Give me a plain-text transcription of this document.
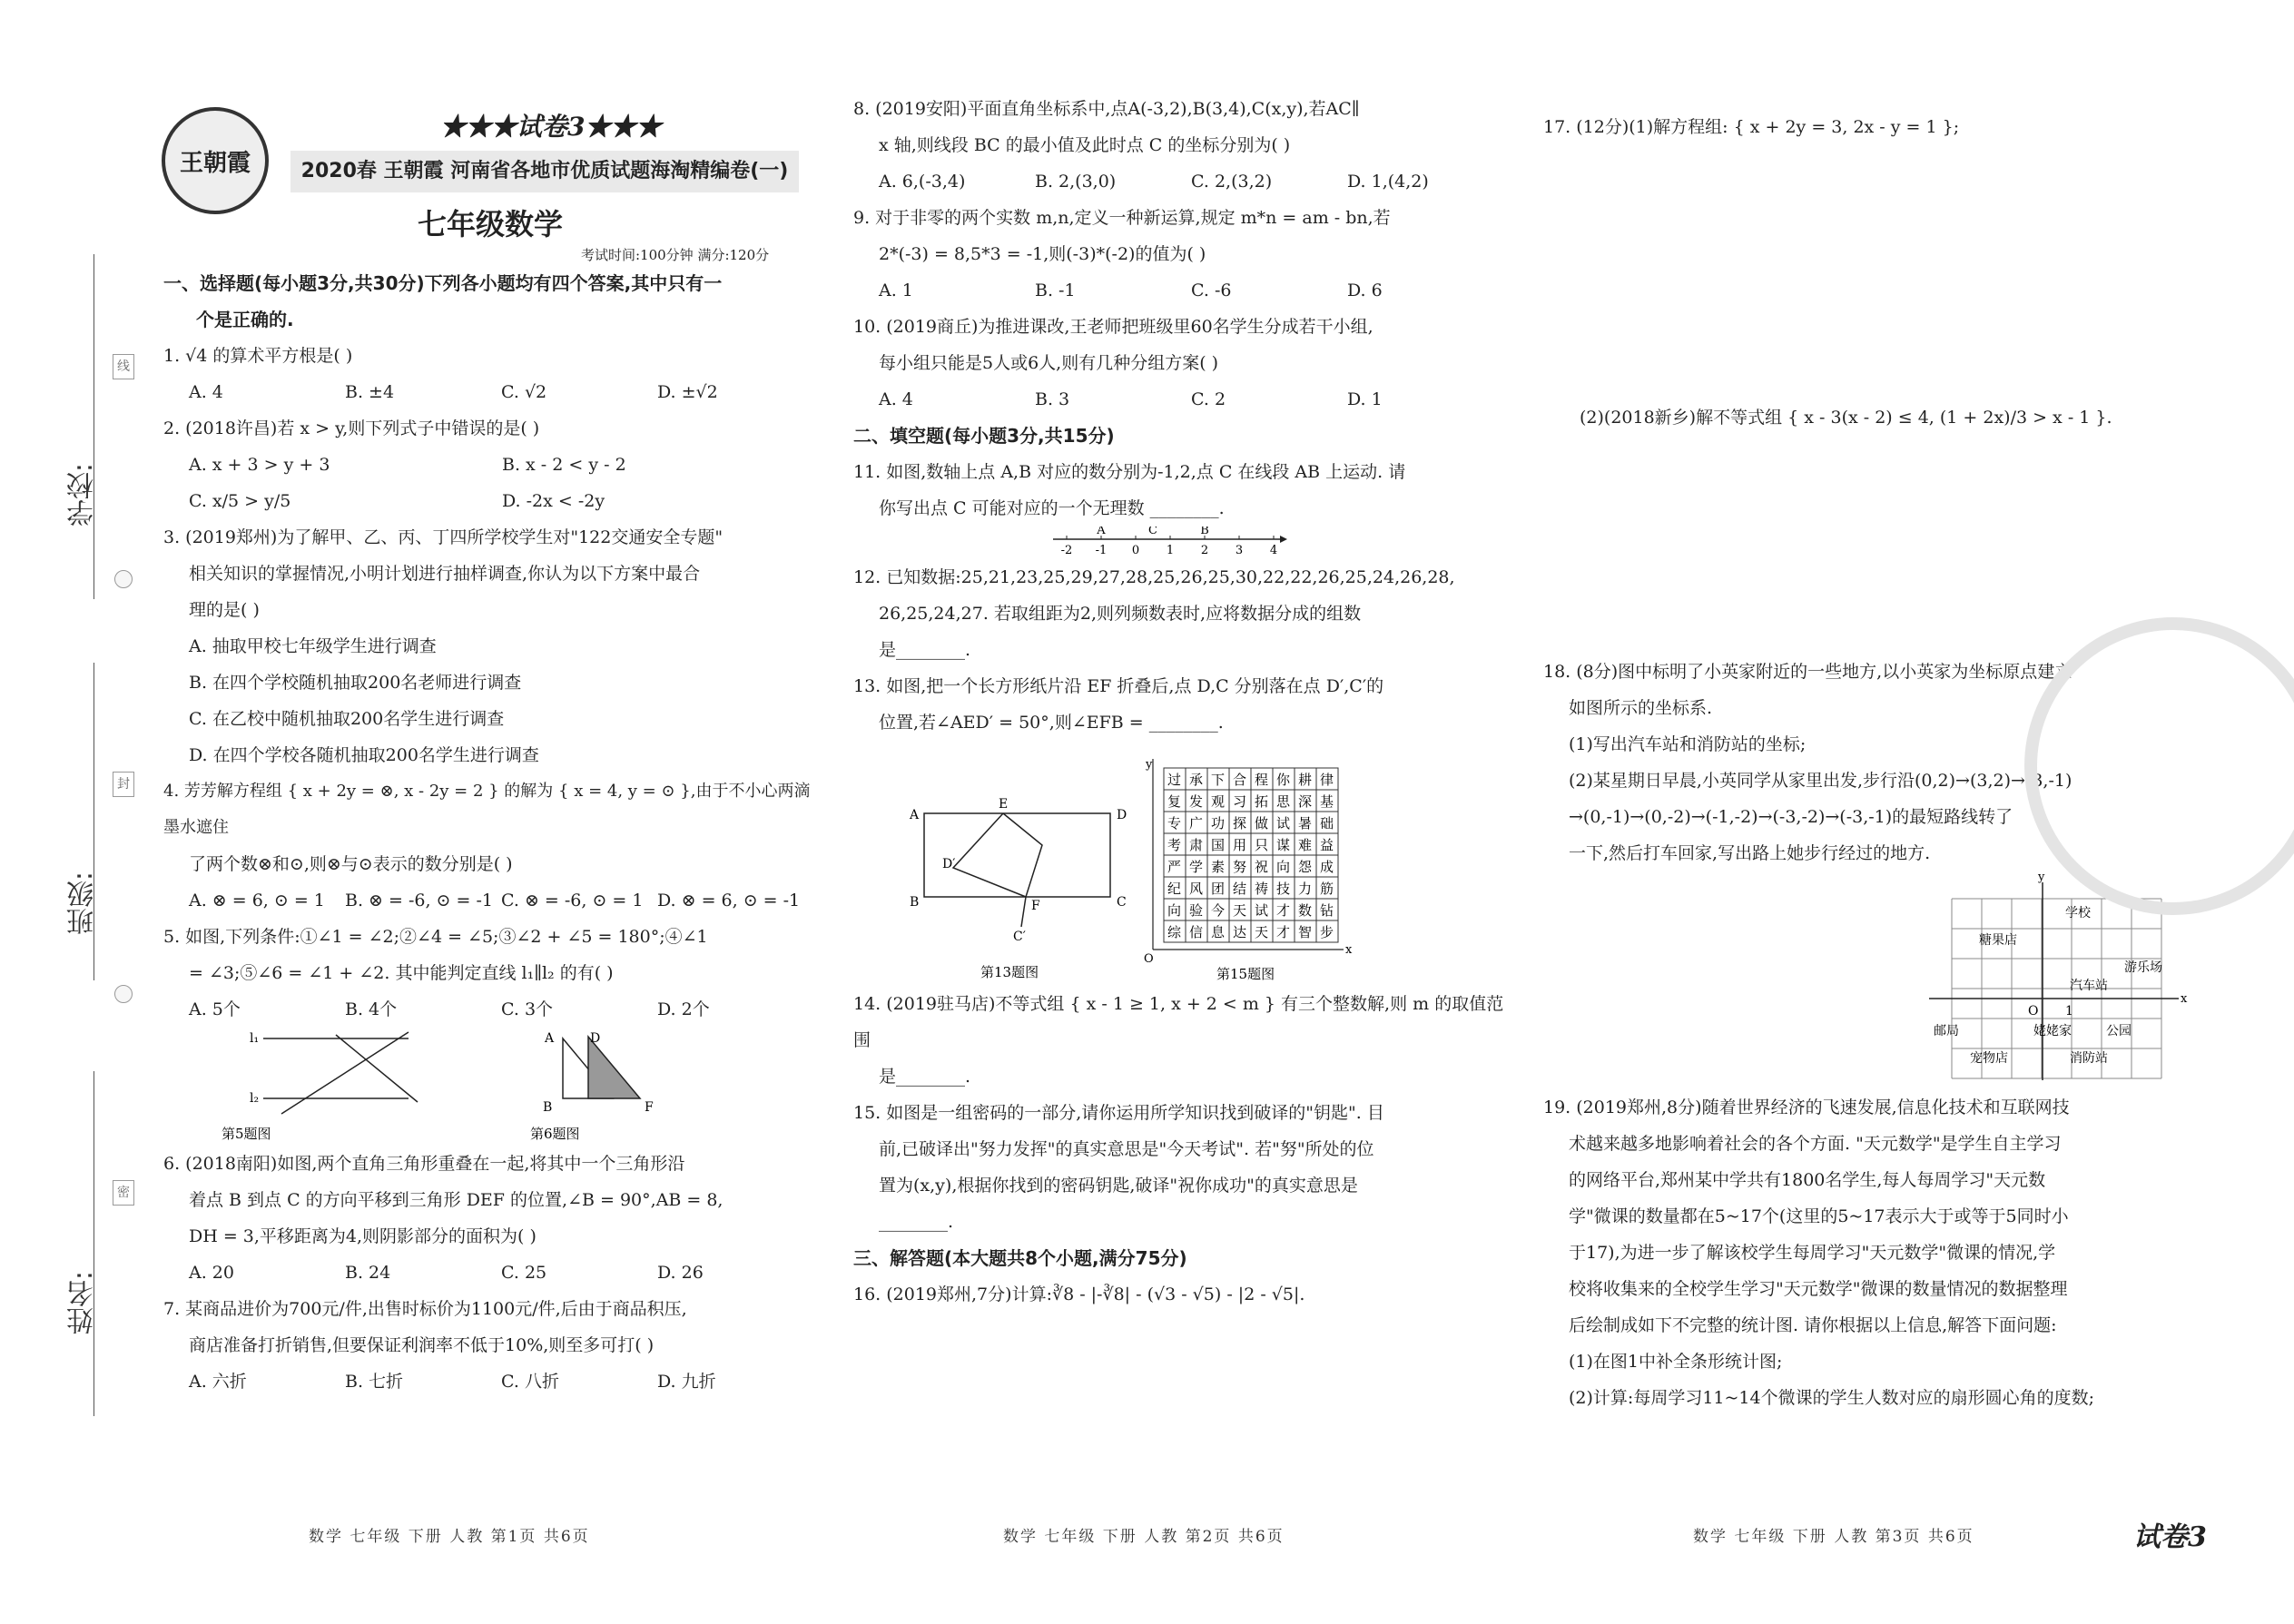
学校:
班级:
姓名:
线
封
密
王朝霞
★★★试卷3★★★
2020春 王朝霞 河南省各地市优质试题海淘精编卷(一)
七年级数学
考试时间:100分钟 满分:120分

一、选择题(每小题3分,共30分)下列各小题均有四个答案,其中只有一

个是正确的.

1. √4 的算术平方根是( )

A. 4	B. ±4	C. √2	D. ±√2

2. (2018许昌)若 x > y,则下列式子中错误的是( )

A. x + 3 > y + 3	B. x - 2 < y - 2
C. x/5 > y/5	D. -2x < -2y

3. (2019郑州)为了解甲、乙、丙、丁四所学校学生对"122交通安全专题"

相关知识的掌握情况,小明计划进行抽样调查,你认为以下方案中最合

理的是( )

A. 抽取甲校七年级学生进行调查

B. 在四个学校随机抽取200名老师进行调查

C. 在乙校中随机抽取200名学生进行调查

D. 在四个学校各随机抽取200名学生进行调查

4. 芳芳解方程组 { x + 2y = ⊗, x - 2y = 2 } 的解为 { x = 4, y = ⊙ },由于不小心两滴墨水遮住

了两个数⊗和⊙,则⊗与⊙表示的数分别是( )

A. ⊗ = 6, ⊙ = 1	B. ⊗ = -6, ⊙ = -1 C. ⊗ = -6, ⊙ = 1 D. ⊗ = 6, ⊙ = -1

5. 如图,下列条件:①∠1 = ∠2;②∠4 = ∠5;③∠2 + ∠5 = 180°;④∠1

= ∠3;⑤∠6 = ∠1 + ∠2. 其中能判定直线 l₁∥l₂ 的有( )

A. 5个	B. 4个	C. 3个	D. 2个
l₁
l₂
第5题图
A	D
B	F
第6题图

6. (2018南阳)如图,两个直角三角形重叠在一起,将其中一个三角形沿

着点 B 到点 C 的方向平移到三角形 DEF 的位置,∠B = 90°,AB = 8,

DH = 3,平移距离为4,则阴影部分的面积为( )

A. 20	B. 24	C. 25	D. 26

7. 某商品进价为700元/件,出售时标价为1100元/件,后由于商品积压,

商店准备打折销售,但要保证利润率不低于10%,则至多可打( )

A. 六折	B. 七折	C. 八折	D. 九折

8. (2019安阳)平面直角坐标系中,点A(-3,2),B(3,4),C(x,y),若AC∥

x 轴,则线段 BC 的最小值及此时点 C 的坐标分别为( )

A. 6,(-3,4)	B. 2,(3,0)	C. 2,(3,2)	D. 1,(4,2)

9. 对于非零的两个实数 m,n,定义一种新运算,规定 m*n = am - bn,若

2*(-3) = 8,5*3 = -1,则(-3)*(-2)的值为( )

A. 1	B. -1	C. -6	D. 6

10. (2019商丘)为推进课改,王老师把班级里60名学生分成若干小组,

每小组只能是5人或6人,则有几种分组方案( )

A. 4	B. 3	C. 2	D. 1

二、填空题(每小题3分,共15分)

11. 如图,数轴上点 A,B 对应的数分别为-1,2,点 C 在线段 AB 上运动. 请

你写出点 C 可能对应的一个无理数 ________.

-2 -1
A
0 1
C
2
B
3 4

12. 已知数据:25,21,23,25,29,27,28,25,26,25,30,22,22,26,25,24,26,28,

26,25,24,27. 若取组距为2,则列频数表时,应将数据分成的组数

是________.

13. 如图,把一个长方形纸片沿 EF 折叠后,点 D,C 分别落在点 D′,C′的

位置,若∠AED′ = 50°,则∠EFB = ________.

A
E
D
B	C
D′
C′
F
第13题图
y
x
O
过 承 下 合 程 你 耕 律
复 发 观 习 拓 思 深 基
专 广 功 探 做 试 暑 础
考 肃 国 用 只 谋 难 益
严 学 素 努 祝 向 怨 成
纪 风 团 结 祷 技 力 筋
向 验 今 天 试 才 数 钻
综 信 息 达 天 才 智 步
第15题图

14. (2019驻马店)不等式组 { x - 1 ≥ 1, x + 2 < m } 有三个整数解,则 m 的取值范围

是________.

15. 如图是一组密码的一部分,请你运用所学知识找到破译的"钥匙". 目

前,已破译出"努力发挥"的真实意思是"今天考试". 若"努"所处的位

置为(x,y),根据你找到的密码钥匙,破译"祝你成功"的真实意思是

________.

三、解答题(本大题共8个小题,满分75分)

16. (2019郑州,7分)计算:∛8 - |-∛8| - (√3 - √5) - |2 - √5|.

17. (12分)(1)解方程组: { x + 2y = 3, 2x - y = 1 };

(2)(2018新乡)解不等式组 { x - 3(x - 2) ≤ 4, (1 + 2x)/3 > x - 1 }.

18. (8分)图中标明了小英家附近的一些地方,以小英家为坐标原点建立

如图所示的坐标系.

(1)写出汽车站和消防站的坐标;

(2)某星期日早晨,小英同学从家里出发,步行沿(0,2)→(3,2)→(3,-1)

→(0,-1)→(0,-2)→(-1,-2)→(-3,-2)→(-3,-1)的最短路线转了

一下,然后打车回家,写出路上她步行经过的地方.

y
x
O 1
学校
糖果店
游乐场
汽车站
邮局	姥姥家	公园
宠物店	消防站

19. (2019郑州,8分)随着世界经济的飞速发展,信息化技术和互联网技

术越来越多地影响着社会的各个方面. "天元数学"是学生自主学习

的网络平台,郑州某中学共有1800名学生,每人每周学习"天元数

学"微课的数量都在5~17个(这里的5~17表示大于或等于5同时小

于17),为进一步了解该校学生每周学习"天元数学"微课的情况,学

校将收集来的全校学生学习"天元数学"微课的数量情况的数据整理

后绘制成如下不完整的统计图. 请你根据以上信息,解答下面问题:

(1)在图1中补全条形统计图;

(2)计算:每周学习11~14个微课的学生人数对应的扇形圆心角的度数;

数学 七年级 下册 人教 第1页 共6页	数学 七年级 下册 人教 第2页 共6页	数学 七年级 下册 人教 第3页 共6页	试卷3
